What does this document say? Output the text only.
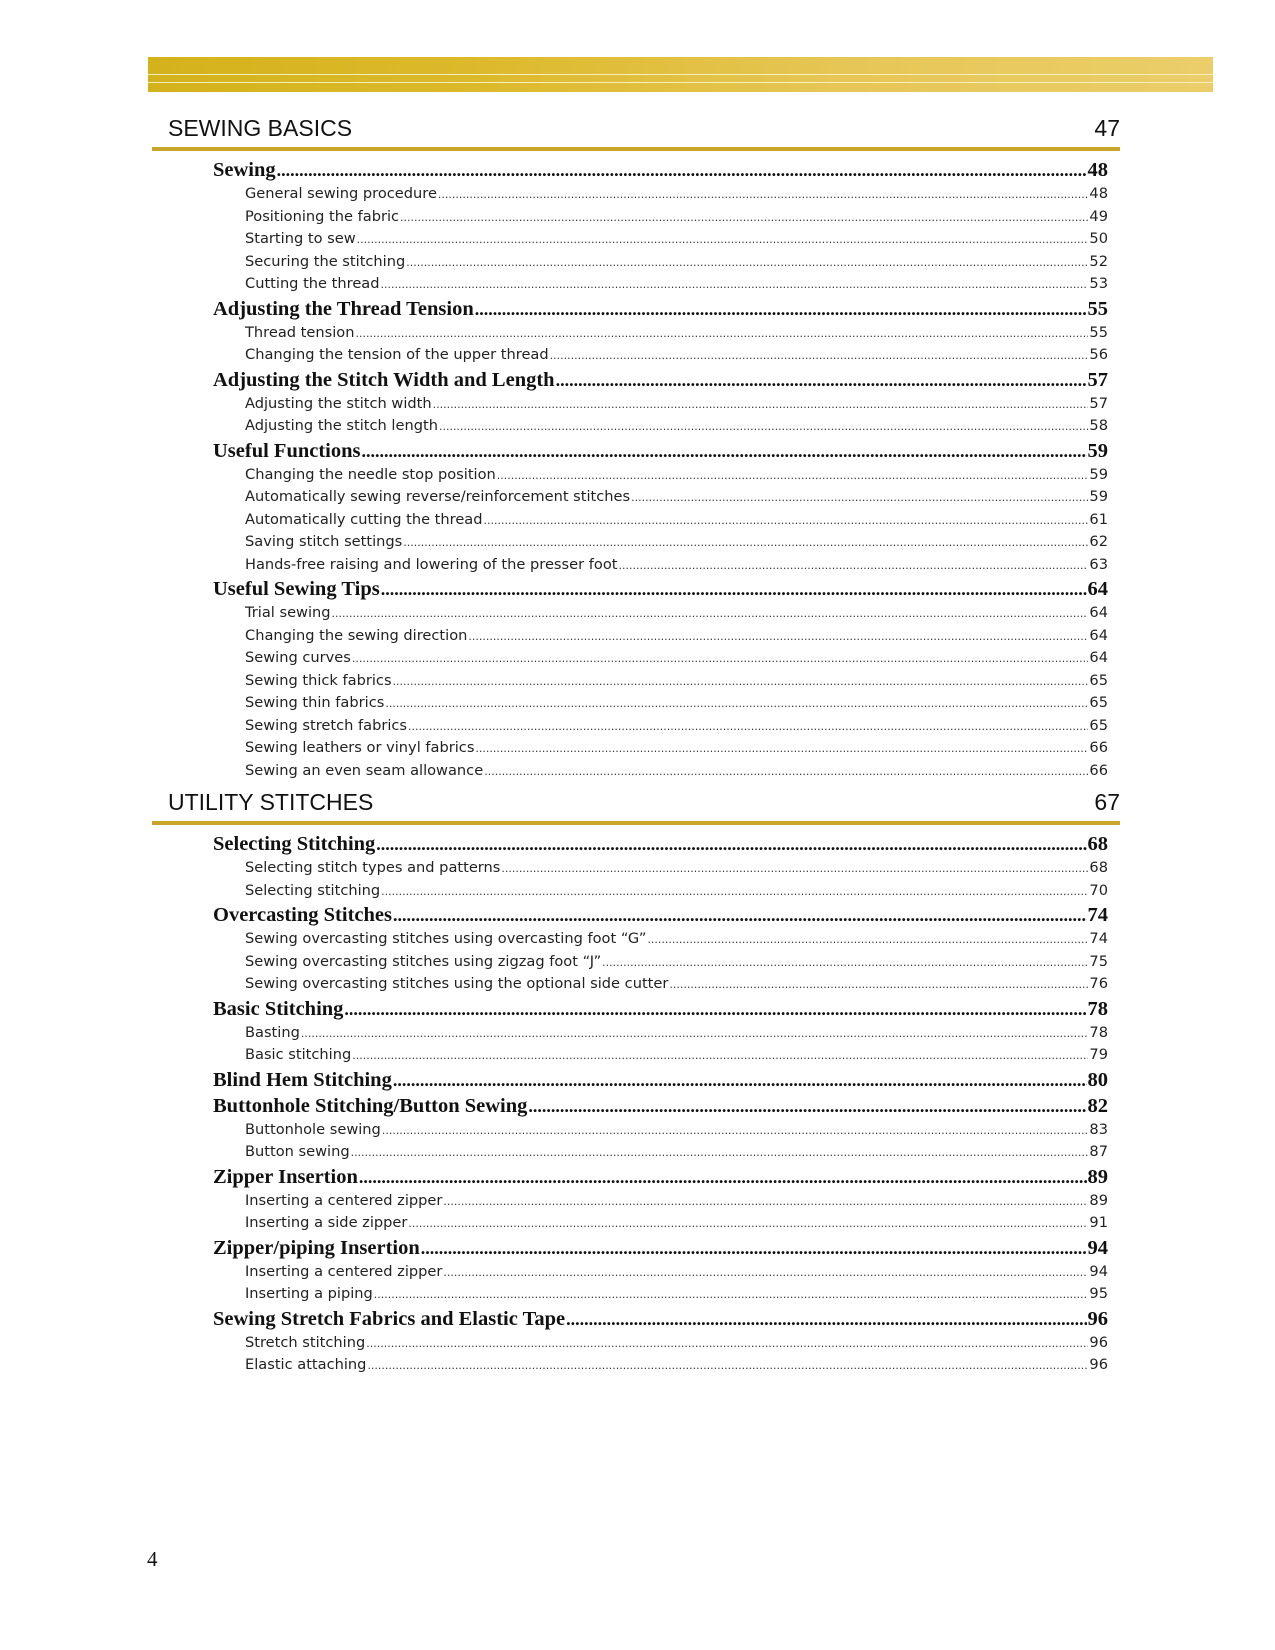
SEWING BASICS	47
Sewing .....	48
General sewing procedure .....	48
Positioning the fabric .....	49
Starting to sew .....	50
Securing the stitching .....	52
Cutting the thread .....	53
Adjusting the Thread Tension .....	55
Thread tension .....	55
Changing the tension of the upper thread .....	56
Adjusting the Stitch Width and Length .....	57
Adjusting the stitch width .....	57
Adjusting the stitch length .....	58
Useful Functions .....	59
Changing the needle stop position .....	59
Automatically sewing reverse/reinforcement stitches .....	59
Automatically cutting the thread .....	61
Saving stitch settings .....	62
Hands-free raising and lowering of the presser foot .....	63
Useful Sewing Tips .....	64
Trial sewing .....	64
Changing the sewing direction .....	64
Sewing curves .....	64
Sewing thick fabrics .....	65
Sewing thin fabrics .....	65
Sewing stretch fabrics .....	65
Sewing leathers or vinyl fabrics .....	66
Sewing an even seam allowance .....	66
UTILITY STITCHES	67
Selecting Stitching .....	68
Selecting stitch types and patterns .....	68
Selecting stitching .....	70
Overcasting Stitches .....	74
Sewing overcasting stitches using overcasting foot “G” .....	74
Sewing overcasting stitches using zigzag foot “J” .....	75
Sewing overcasting stitches using the optional side cutter .....	76
Basic Stitching .....	78
Basting .....	78
Basic stitching .....	79
Blind Hem Stitching .....	80
Buttonhole Stitching/Button Sewing .....	82
Buttonhole sewing .....	83
Button sewing .....	87
Zipper Insertion .....	89
Inserting a centered zipper .....	89
Inserting a side zipper .....	91
Zipper/piping Insertion .....	94
Inserting a centered zipper .....	94
Inserting a piping .....	95
Sewing Stretch Fabrics and Elastic Tape .....	96
Stretch stitching .....	96
Elastic attaching .....	96
4
